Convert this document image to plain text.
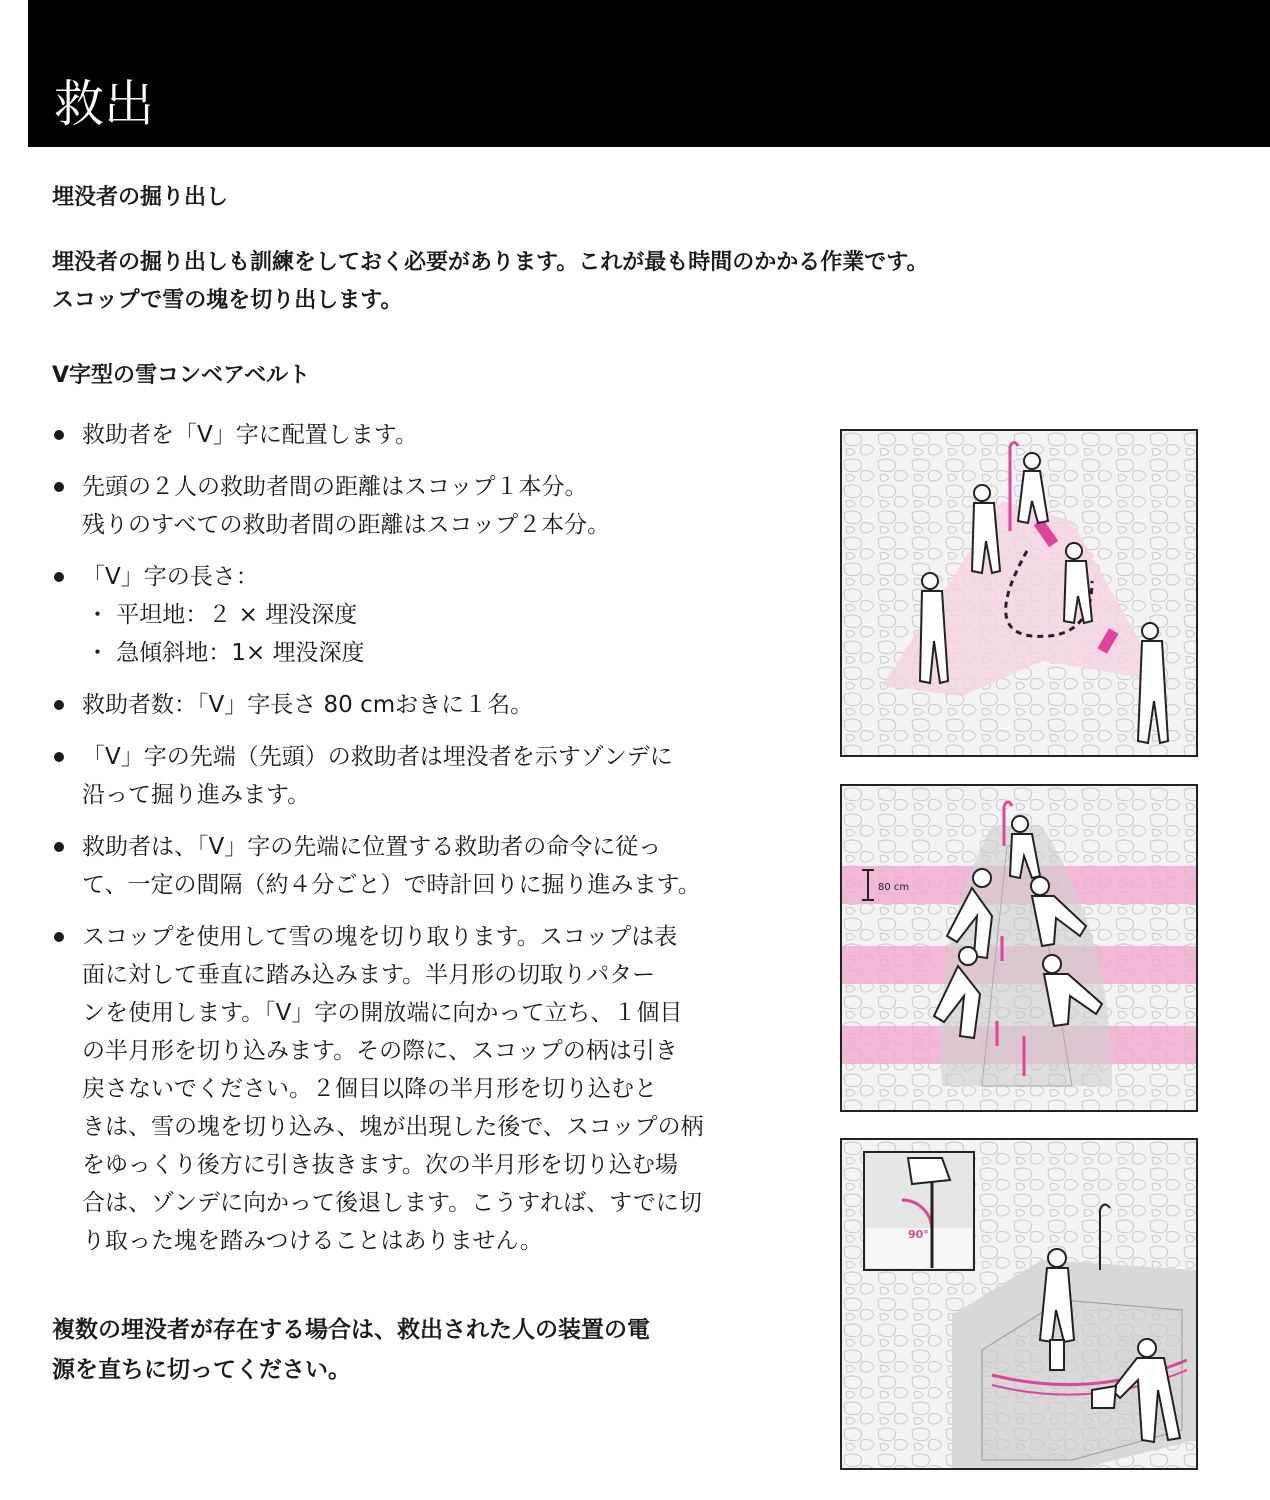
救出
埋没者の掘り出し

埋没者の掘り出しも訓練をしておく必要があります。これが最も時間のかかる作業です。
スコップで雪の塊を切り出します。

V字型の雪コンベアベルト
救助者を「V」字に配置します。
先頭の２人の救助者間の距離はスコップ１本分。
残りのすべての救助者間の距離はスコップ２本分。
「V」字の長さ：
・ 平坦地：２ × 埋没深度
・ 急傾斜地：1× 埋没深度
救助者数：「V」字長さ 80 cmおきに１名。
「V」字の先端（先頭）の救助者は埋没者を示すゾンデに
沿って掘り進みます。
救助者は、「V」字の先端に位置する救助者の命令に従っ
て、一定の間隔（約４分ごと）で時計回りに掘り進みます。
スコップを使用して雪の塊を切り取ります。スコップは表
面に対して垂直に踏み込みます。半月形の切取りパター
ンを使用します。「V」字の開放端に向かって立ち、１個目
の半月形を切り込みます。その際に、スコップの柄は引き
戻さないでください。２個目以降の半月形を切り込むと
きは、雪の塊を切り込み、塊が出現した後で、スコップの柄
をゆっくり後方に引き抜きます。次の半月形を切り込む場
合は、ゾンデに向かって後退します。こうすれば、すでに切
り取った塊を踏みつけることはありません。

複数の埋没者が存在する場合は、救出された人の装置の電
源を直ちに切ってください。

80 cm
90°
